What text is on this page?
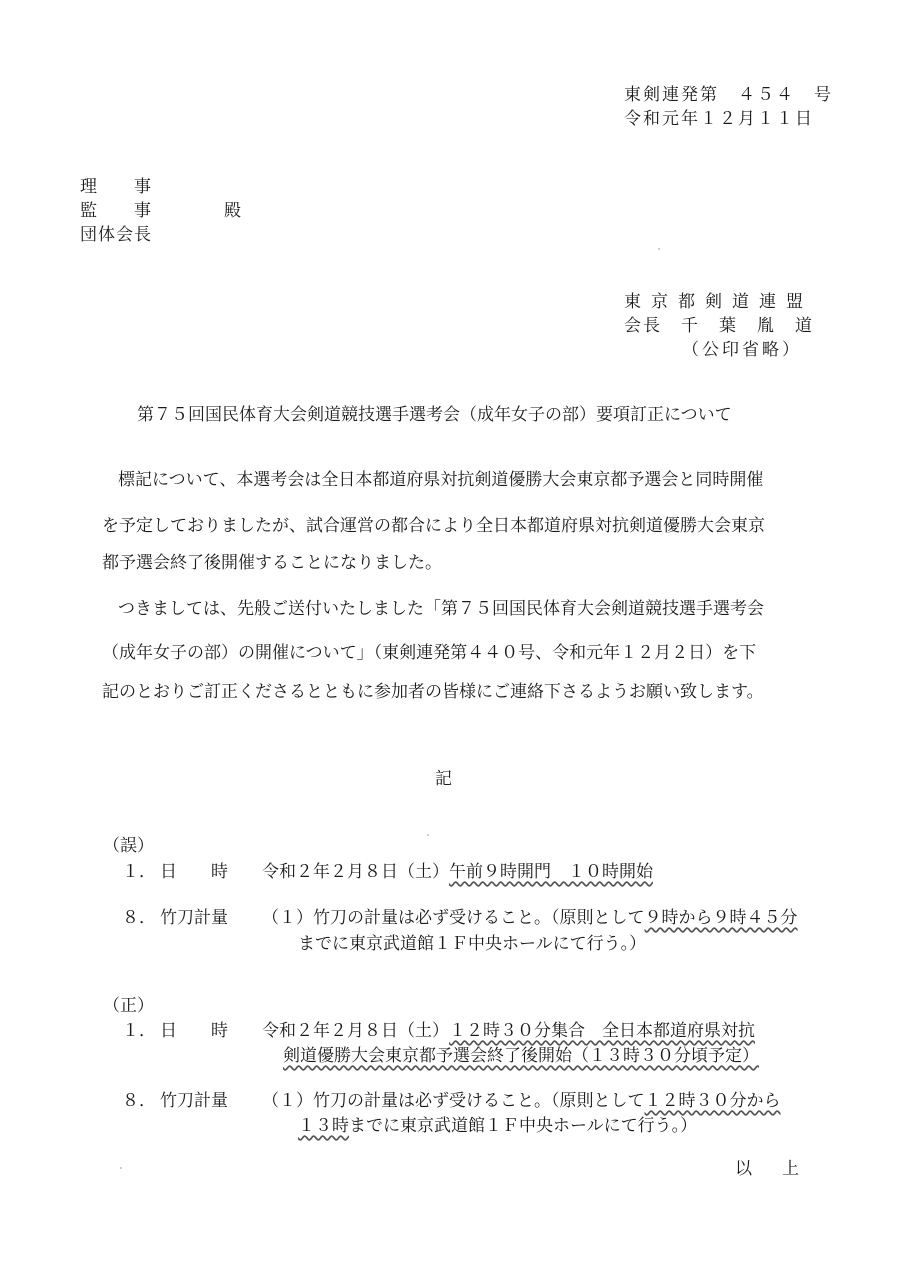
東剣連発第　４５４　号
令和元年１２月１１日
理　　事
監　　事　　　　殿
団体会長
東京都剣道連盟
会長　千　葉　胤　道
（公印省略）
第７５回国民体育大会剣道競技選手選考会（成年女子の部）要項訂正について
標記について、本選考会は全日本都道府県対抗剣道優勝大会東京都予選会と同時開催
を予定しておりましたが、試合運営の都合により全日本都道府県対抗剣道優勝大会東京
都予選会終了後開催することになりました。
つきましては、先般ご送付いたしました「第７５回国民体育大会剣道競技選手選考会
（成年女子の部）の開催について」（東剣連発第４４０号、令和元年１２月２日）を下
記のとおりご訂正くださるとともに参加者の皆様にご連絡下さるようお願い致します。
記
（誤）
１． 日　　時 令和２年２月８日（土）午前９時開門　１０時開始
８． 竹刀計量 （１）竹刀の計量は必ず受けること。（原則として９時から９時４５分
までに東京武道館１Ｆ中央ホールにて行う。）
（正）
１． 日　　時 令和２年２月８日（土）１２時３０分集合　全日本都道府県対抗
剣道優勝大会東京都予選会終了後開始（１３時３０分頃予定）
８． 竹刀計量 （１）竹刀の計量は必ず受けること。（原則として１２時３０分から
１３時までに東京武道館１Ｆ中央ホールにて行う。）
以上
